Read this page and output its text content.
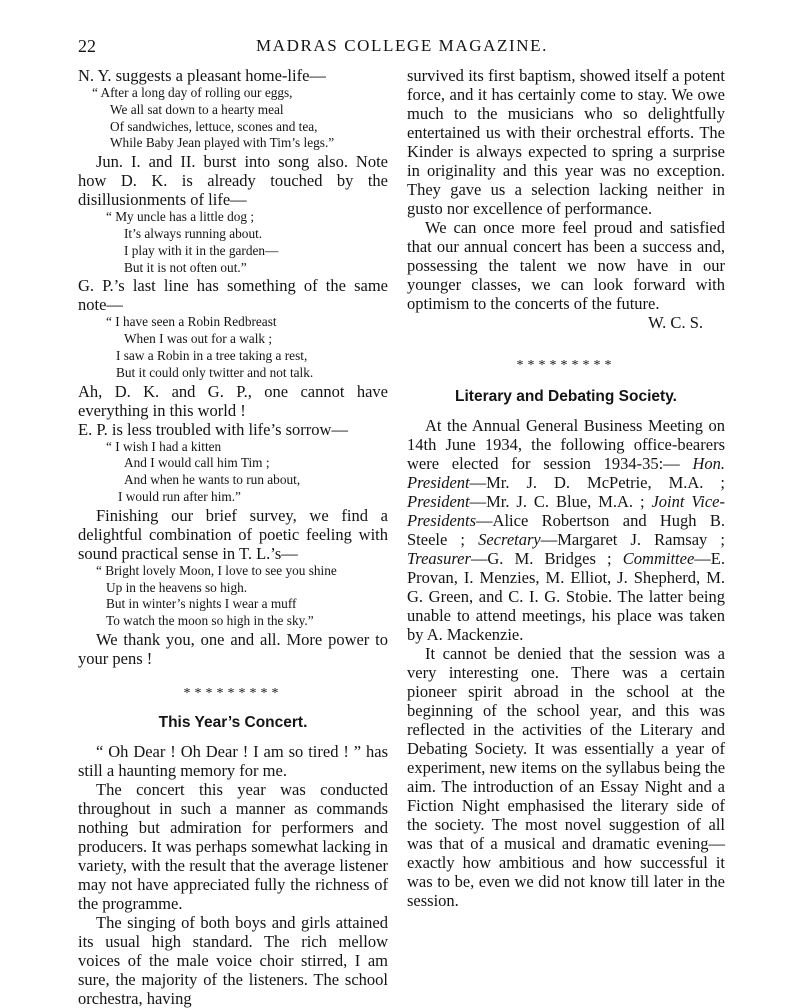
22	MADRAS COLLEGE MAGAZINE.

N. Y. suggests a pleasant home-life—

“ After a long day of rolling our eggs,
We all sat down to a hearty meal
Of sandwiches, lettuce, scones and tea,
While Baby Jean played with Tim’s legs.”

Jun. I. and II. burst into song also. Note how D. K. is already touched by the disillusionments of life—

“ My uncle has a little dog ;
It’s always running about.
I play with it in the garden—
But it is not often out.”

G. P.’s last line has something of the same note—

“ I have seen a Robin Redbreast
When I was out for a walk ;
I saw a Robin in a tree taking a rest,
But it could only twitter and not talk.

Ah, D. K. and G. P., one cannot have everything in this world !

E. P. is less troubled with life’s sorrow—

“ I wish I had a kitten
And I would call him Tim ;
And when he wants to run about,
I would run after him.”

Finishing our brief survey, we find a delightful combination of poetic feeling with sound practical sense in T. L.’s—

“ Bright lovely Moon, I love to see you shine
Up in the heavens so high.
But in winter’s nights I wear a muff
To watch the moon so high in the sky.”

We thank you, one and all. More power to your pens !

*********
This Year’s Concert.

“ Oh Dear ! Oh Dear ! I am so tired ! ” has still a haunting memory for me.

The concert this year was conducted throughout in such a manner as commands nothing but admiration for performers and producers. It was perhaps somewhat lacking in variety, with the result that the average listener may not have appreciated fully the richness of the programme.

The singing of both boys and girls attained its usual high standard. The rich mellow voices of the male voice choir stirred, I am sure, the majority of the listeners. The school orchestra, having

survived its first baptism, showed itself a potent force, and it has certainly come to stay. We owe much to the musicians who so delightfully entertained us with their orchestral efforts. The Kinder is always expected to spring a surprise in originality and this year was no exception. They gave us a selection lacking neither in gusto nor excellence of performance.

We can once more feel proud and satisfied that our annual concert has been a success and, possessing the talent we now have in our younger classes, we can look forward with optimism to the concerts of the future.

W. C. S.

*********
Literary and Debating Society.

At the Annual General Business Meeting on 14th June 1934, the following office-bearers were elected for session 1934-35:— Hon. President—Mr. J. D. McPetrie, M.A. ; President—Mr. J. C. Blue, M.A. ; Joint Vice-Presidents—Alice Robertson and Hugh B. Steele ; Secretary—Margaret J. Ramsay ; Treasurer—G. M. Bridges ; Committee—E. Provan, I. Menzies, M. Elliot, J. Shepherd, M. G. Green, and C. I. G. Stobie. The latter being unable to attend meetings, his place was taken by A. Mackenzie.

It cannot be denied that the session was a very interesting one. There was a certain pioneer spirit abroad in the school at the beginning of the school year, and this was reflected in the activities of the Literary and Debating Society. It was essentially a year of experiment, new items on the syllabus being the aim. The introduction of an Essay Night and a Fiction Night emphasised the literary side of the society. The most novel suggestion of all was that of a musical and dramatic evening—exactly how ambitious and how successful it was to be, even we did not know till later in the session.
